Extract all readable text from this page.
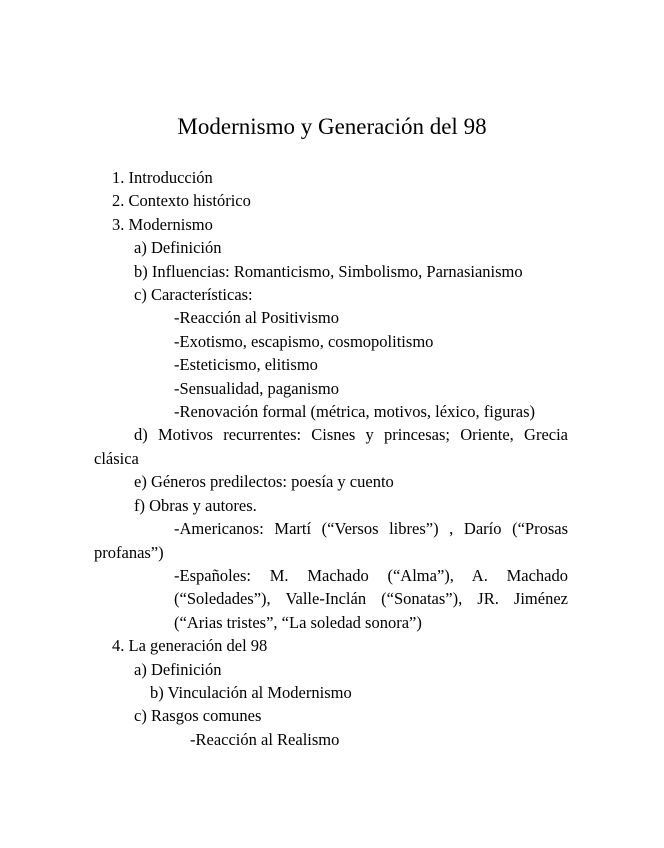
Modernismo y Generación del 98

1. Introducción

2. Contexto histórico

3. Modernismo

a) Definición

b) Influencias: Romanticismo, Simbolismo, Parnasianismo

c) Características:

-Reacción al Positivismo

-Exotismo, escapismo, cosmopolitismo

-Esteticismo, elitismo

-Sensualidad, paganismo

-Renovación formal (métrica, motivos, léxico, figuras)

d) Motivos recurrentes: Cisnes y princesas; Oriente, Grecia clásica

e) Géneros predilectos: poesía y cuento

f) Obras y autores.

-Americanos: Martí (“Versos libres”) , Darío (“Prosas profanas”)

-Españoles: M. Machado (“Alma”), A. Machado (“Soledades”), Valle-Inclán (“Sonatas”), JR. Jiménez (“Arias tristes”, “La soledad sonora”)

4. La generación del 98

a) Definición

b) Vinculación al Modernismo

c) Rasgos comunes

-Reacción al Realismo
